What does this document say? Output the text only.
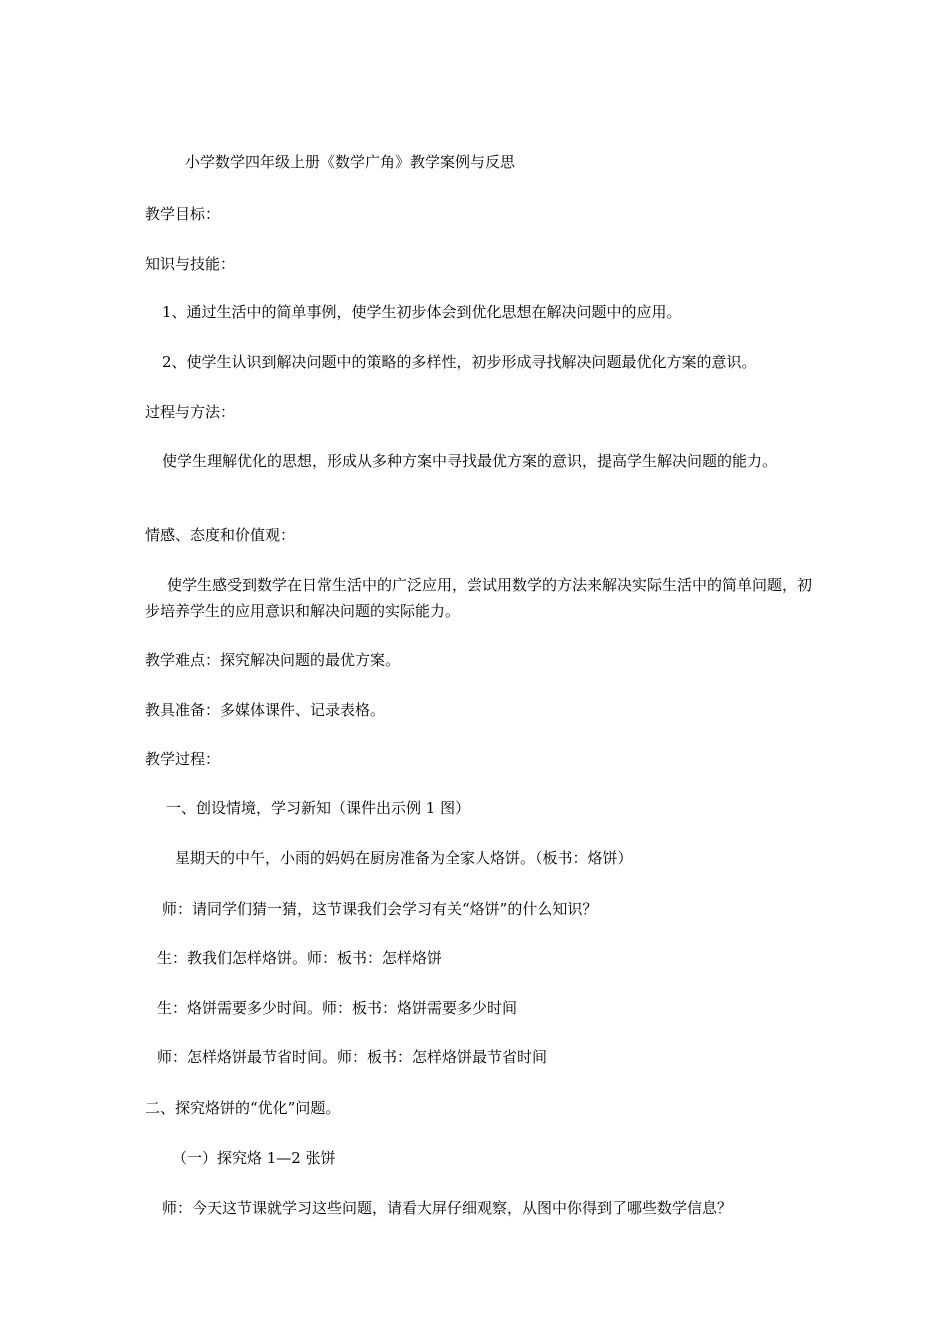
小学数学四年级上册《数学广角》教学案例与反思
教学目标：
知识与技能：
1、通过生活中的简单事例，使学生初步体会到优化思想在解决问题中的应用。
2、使学生认识到解决问题中的策略的多样性，初步形成寻找解决问题最优化方案的意识。
过程与方法：
使学生理解优化的思想，形成从多种方案中寻找最优方案的意识，提高学生解决问题的能力。
情感、态度和价值观：
使学生感受到数学在日常生活中的广泛应用，尝试用数学的方法来解决实际生活中的简单问题，初步培养学生的应用意识和解决问题的实际能力。
教学难点：探究解决问题的最优方案。
教具准备：多媒体课件、记录表格。
教学过程：
一、创设情境，学习新知（课件出示例 1 图）
星期天的中午，小雨的妈妈在厨房准备为全家人烙饼。（板书：烙饼）
师：请同学们猜一猜，这节课我们会学习有关“烙饼”的什么知识？
生：教我们怎样烙饼。师：板书：怎样烙饼
生：烙饼需要多少时间。师：板书：烙饼需要多少时间
师：怎样烙饼最节省时间。师：板书：怎样烙饼最节省时间
二、探究烙饼的“优化”问题。
（一）探究烙 1—2 张饼
师：今天这节课就学习这些问题，请看大屏仔细观察，从图中你得到了哪些数学信息？
